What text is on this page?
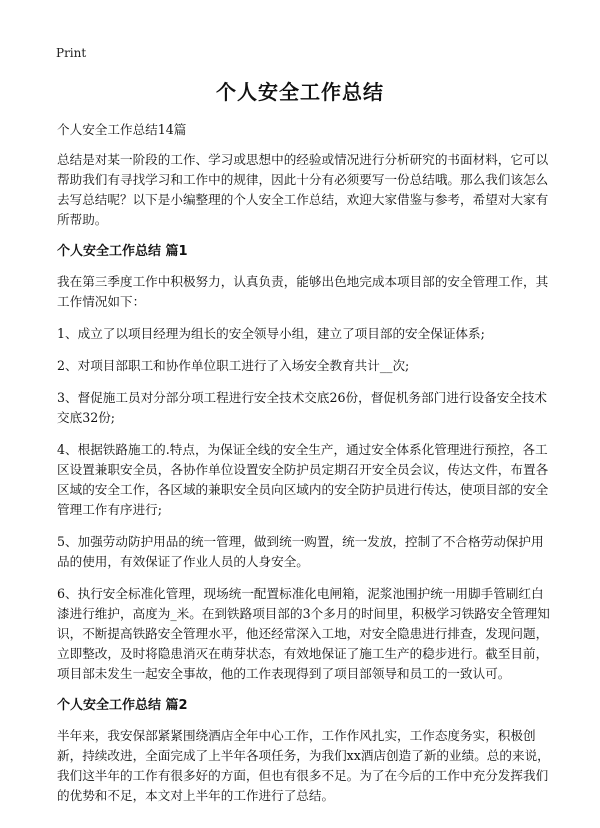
Print
个人安全工作总结

个人安全工作总结14篇

总结是对某一阶段的工作、学习或思想中的经验或情况进行分析研究的书面材料，它可以帮助我们有寻找学习和工作中的规律，因此十分有必须要写一份总结哦。那么我们该怎么去写总结呢？以下是小编整理的个人安全工作总结，欢迎大家借鉴与参考，希望对大家有所帮助。

个人安全工作总结 篇1

我在第三季度工作中积极努力，认真负责，能够出色地完成本项目部的安全管理工作，其工作情况如下：

1、成立了以项目经理为组长的安全领导小组，建立了项目部的安全保证体系;

2、对项目部职工和协作单位职工进行了入场安全教育共计__次;

3、督促施工员对分部分项工程进行安全技术交底26份，督促机务部门进行设备安全技术交底32份;

4、根据铁路施工的.特点，为保证全线的安全生产，通过安全体系化管理进行预控，各工区设置兼职安全员，各协作单位设置安全防护员定期召开安全员会议，传达文件，布置各区域的安全工作，各区域的兼职安全员向区域内的安全防护员进行传达，使项目部的安全管理工作有序进行;

5、加强劳动防护用品的统一管理，做到统一购置，统一发放，控制了不合格劳动保护用品的使用，有效保证了作业人员的人身安全。

6、执行安全标准化管理，现场统一配置标准化电闸箱，泥浆池围护统一用脚手管刷红白漆进行维护，高度为_米。在到铁路项目部的3个多月的时间里，积极学习铁路安全管理知识，不断提高铁路安全管理水平，他还经常深入工地，对安全隐患进行排查，发现问题，立即整改，及时将隐患消灭在萌芽状态，有效地保证了施工生产的稳步进行。截至目前，项目部未发生一起安全事故，他的工作表现得到了项目部领导和员工的一致认可。

个人安全工作总结 篇2

半年来，我安保部紧紧围绕酒店全年中心工作，工作作风扎实，工作态度务实，积极创新，持续改进，全面完成了上半年各项任务，为我们xx酒店创造了新的业绩。总的来说，我们这半年的工作有很多好的方面，但也有很多不足。为了在今后的工作中充分发挥我们的优势和不足，本文对上半年的工作进行了总结。
